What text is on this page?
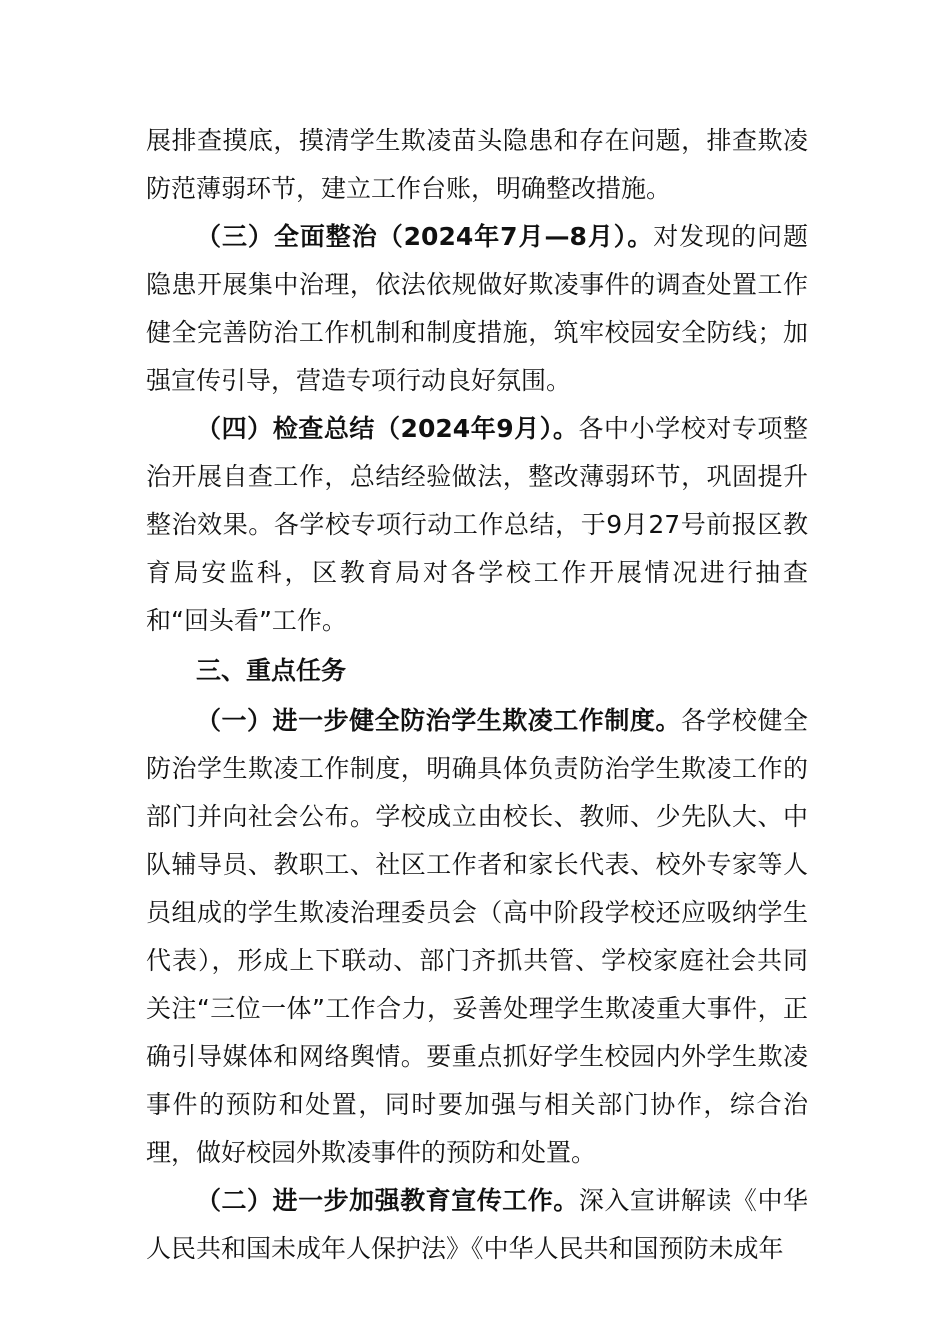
展排查摸底，摸清学生欺凌苗头隐患和存在问题，排查欺凌防范薄弱环节，建立工作台账，明确整改措施。

（三）全面整治（2024年7月—8月）。对发现的问题隐患开展集中治理，依法依规做好欺凌事件的调查处置工作健全完善防治工作机制和制度措施，筑牢校园安全防线；加强宣传引导，营造专项行动良好氛围。

（四）检查总结（2024年9月）。各中小学校对专项整治开展自查工作，总结经验做法，整改薄弱环节，巩固提升整治效果。各学校专项行动工作总结，于9月27号前报区教育局安监科，区教育局对各学校工作开展情况进行抽查和“回头看”工作。

三、重点任务

（一）进一步健全防治学生欺凌工作制度。各学校健全防治学生欺凌工作制度，明确具体负责防治学生欺凌工作的部门并向社会公布。学校成立由校长、教师、少先队大、中队辅导员、教职工、社区工作者和家长代表、校外专家等人员组成的学生欺凌治理委员会（高中阶段学校还应吸纳学生代表），形成上下联动、部门齐抓共管、学校家庭社会共同关注“三位一体”工作合力，妥善处理学生欺凌重大事件，正确引导媒体和网络舆情。要重点抓好学生校园内外学生欺凌事件的预防和处置，同时要加强与相关部门协作，综合治理，做好校园外欺凌事件的预防和处置。

（二）进一步加强教育宣传工作。深入宣讲解读《中华人民共和国未成年人保护法》《中华人民共和国预防未成年
